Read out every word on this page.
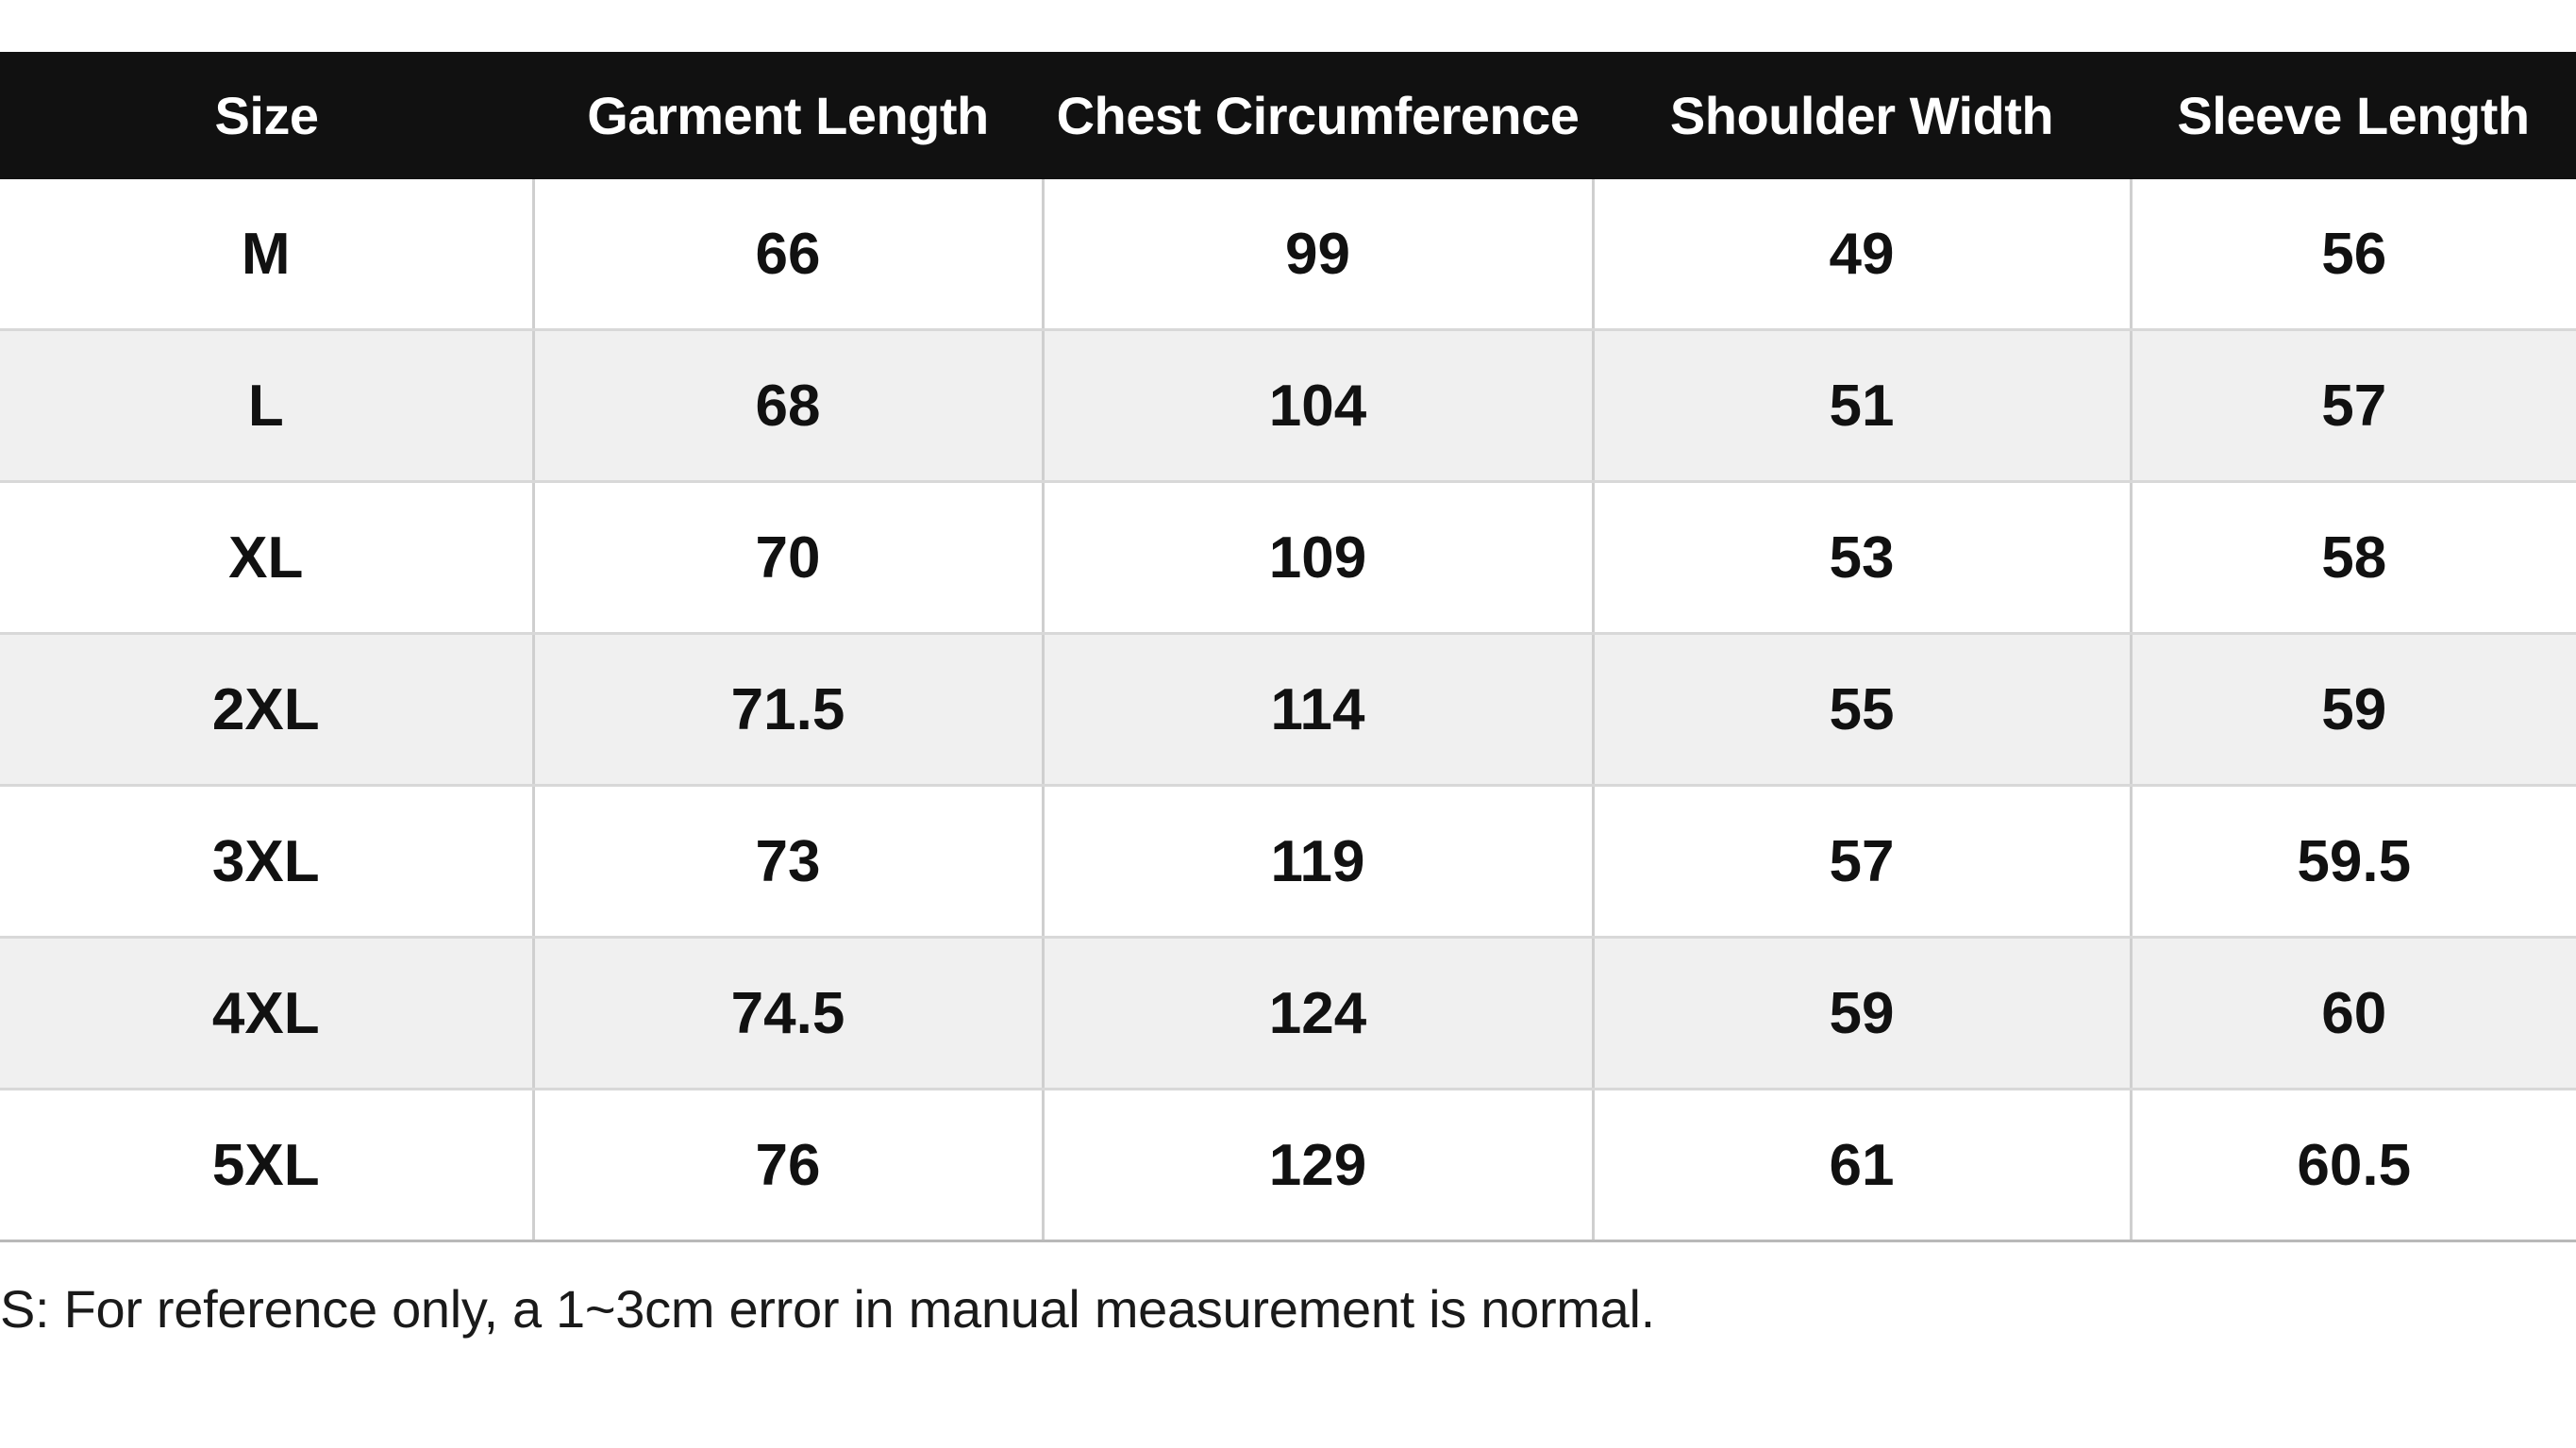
Size	Garment Length	Chest Circumference	Shoulder Width	Sleeve Length
M	66	99	49	56
L	68	104	51	57
XL	70	109	53	58
2XL	71.5	114	55	59
3XL	73	119	57	59.5
4XL	74.5	124	59	60
5XL	76	129	61	60.5
S: For reference only, a 1~3cm error in manual measurement is normal.
